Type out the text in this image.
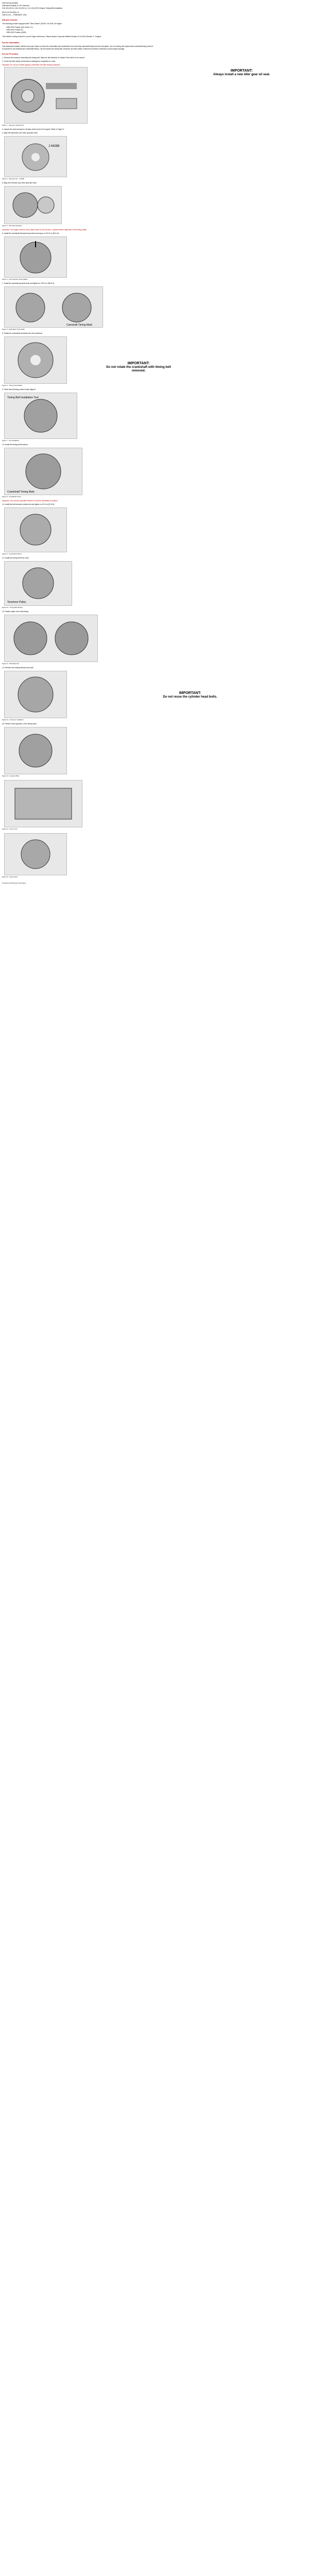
2000 Service Bulletin
Information Bulletin 01-04 Chevrolet
3.8L V6 (VIN K), 3.8L V6 (VIN 1), 3.4L V6 (VIN E) Engine Timing Belt Installation
SB-01-04-004 (Rev. 2)
2000-01-04 — FEBRUARY 2001
Affected Vehicles
The following models equipped with "Direct Valvel" (DOHC 3.5L/3.8L V6 engine
1999-2000 Pontiac (LBL-Rover LC)
1999-2000 Pontiac (F)
1999-2002 Pontiac (U/NR)
This bulletin is being revised to correct Figure references. Please discard Corporate Bulletin Number 01-04-004 (Section 6 - Engine).
Service Information
This information bulletin outlines the proper steps to retime the camshafts and crankshaft to the crank that camshaft timing has been disrupted. Use of a timing belt replacement camshaft timing reset kit
is required for all camshaft and crankshaft timing. The kit includes the timing belt, tensioner and idler pulley. Follow the procedure carefully to avoid engine damage.
Service Procedure
1. Remove the tensioner assembly and timing belt. Mark the belt direction of rotation if the belt is to be reused.
2. Check the idler pulley and tensioner bearings for roughness or noise.
Important: Do not use a feeler gauge to determine the idler bearing clearance.
IMPORTANT:
Always install a new idler gear oil seal.
Figure 1 - Idle gear retaining bolt
3. Inspect the seal housing for oil leaks at the front of the engine. Refer to Figure 3.
4. Align the right bank cam drive sprocket mark.
J 44268
Figure 2 - Idle gear bolt - J 44268
5. Align the left bank cam drive sprocket mark.
Figure 3 - Idle Gear Assembly
Important: The engine must be at top dead center for the number 1 cylinder before alignment of the timing marks.
6. Install the crankshaft timing belt sprocket and torque to 110 N·m (81 lb ft).
Figure 4 - Cam Sprocket Timing Marks
7. Install the camshaft sprocket bolts and tighten to 130 N·m (96 lb ft).
Camshaft Timing Mark
Figure 5 - Right Bank Timing Mark
8. Rotate the crankshaft clockwise two full revolutions.
IMPORTANT:
Do not rotate the crankshaft with timing belt removed.
Figure 6 - Timing Check Marks
9. Verify that all timing marks remain aligned.
Timing Belt Installation Tool
Figure 7 - Tool Installation
10. Install the timing belt tensioner.
Crankshaft Timing Mark
Figure 8 - Crankshaft Timing
Important: Use only the specified fixtures to hold the camshafts in position.
11. Install the belt tensioner pulley bolt and tighten to 43 N·m (32 lb ft).
Figure 9 - Camshaft Positions
12. Install the timing belt front cover.
Tensioner Pulley
Figure 10 - Timing Belt Routing
13. Rotate engine and verify timing.
Figure 11 - Belt Alignment
14. Remove the holding fixtures and tools.
IMPORTANT:
Do not reuse the cylinder head bolts.
Figure 12 - Tensioner Installation
15. Perform final inspection of the timing drive.
Figure 13 - Sprocket Bolts
Figure 14 - Front Cover
Figure 15 - Final Check
Provided by GM Service Information
